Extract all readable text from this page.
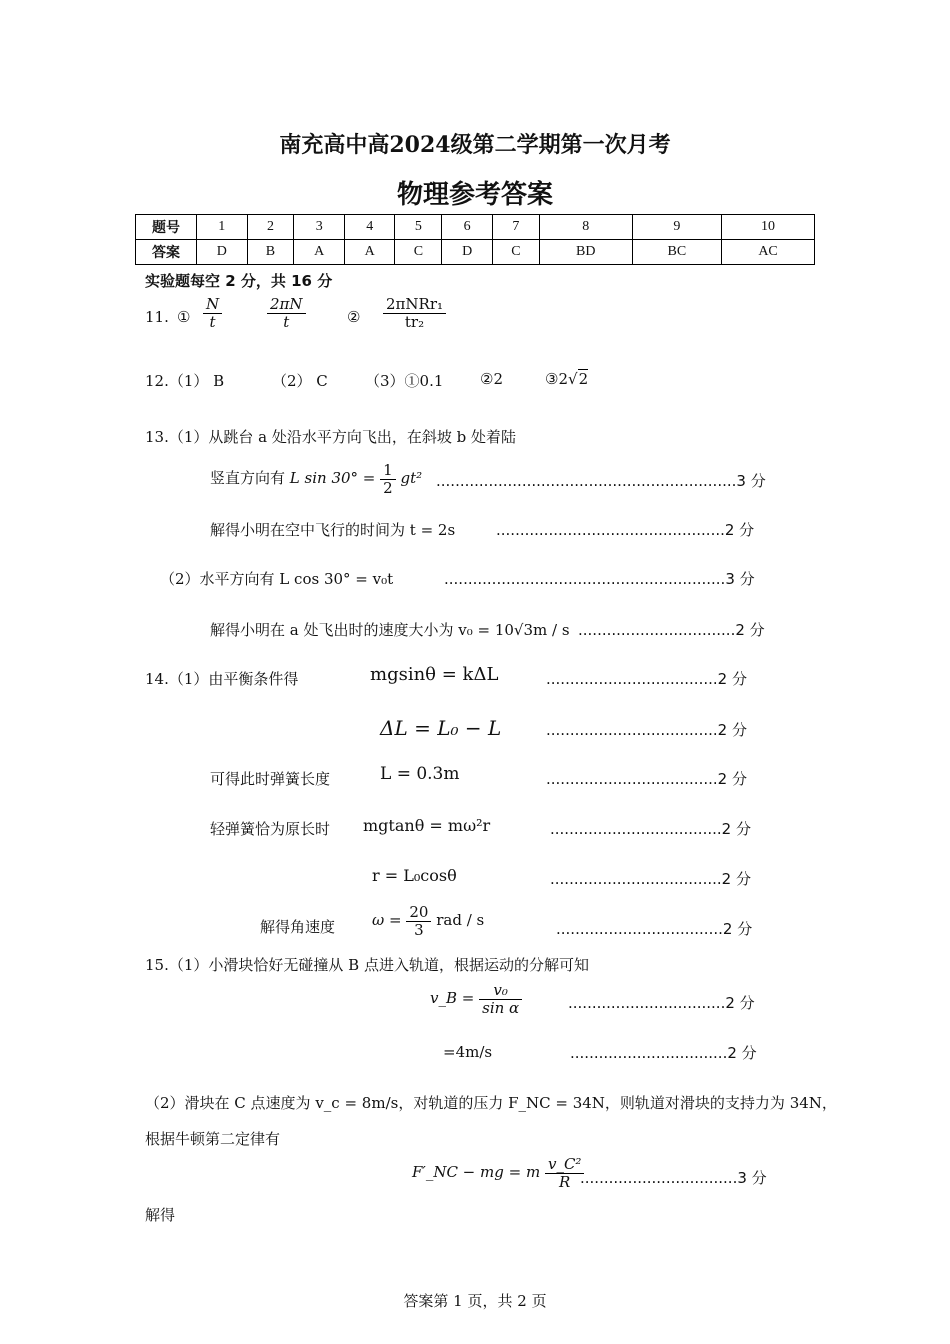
南充高中高2024级第二学期第一次月考
物理参考答案
题号	1	2	3	4	5	6	7	8	9	10
答案	D	B	A	A	C	D	C	BD	BC	AC
实验题每空 2 分，共 16 分
11. ① $\frac{N}{t}$	$\frac{2\pi N}{t}$	②
2πNRr₁
tr₂
12.（1） B	（2） C （3）①0.1 ②2	③2√2
13.（1）从跳台 a 处沿水平方向飞出，在斜坡 b 处着陆
竖直方向有 L $\sin 30^\circ = \frac{1}{2} gt^2$ ...............................................................3 分
解得小明在空中飞行的时间为 t = 2s	................................................2 分
（2）水平方向有 L cos 30° = v₀t	...........................................................3 分
解得小明在 a 处飞出时的速度大小为 v₀ = 10√3m / s .................................2 分
14.（1）由平衡条件得	mgsinθ = kΔL	....................................2 分
ΔL = L₀ − L	....................................2 分
可得此时弹簧长度	L = 0.3m	....................................2 分
轻弹簧恰为原长时 mgtanθ = mω²r	....................................2 分
r = L₀cosθ	....................................2 分
解得角速度 $\omega = \frac{20}{3}$ rad / s	...................................2 分
15.（1）小滑块恰好无碰撞从 B 点进入轨道，根据运动的分解可知
v_B = $\frac{\text{v₀}}{\text{sin α}}$	.................................2 分
=4m/s	.................................2 分
（2）滑块在 C 点速度为 v_c = 8m/s，对轨道的压力 F_NC = 34N，则轨道对滑块的支持力为 34N，
根据牛顿第二定律有
F′_NC − mg = m $\frac{\text{v\_C²}}{R}$
.................................3 分
解得
答案第 1 页，共 2 页
